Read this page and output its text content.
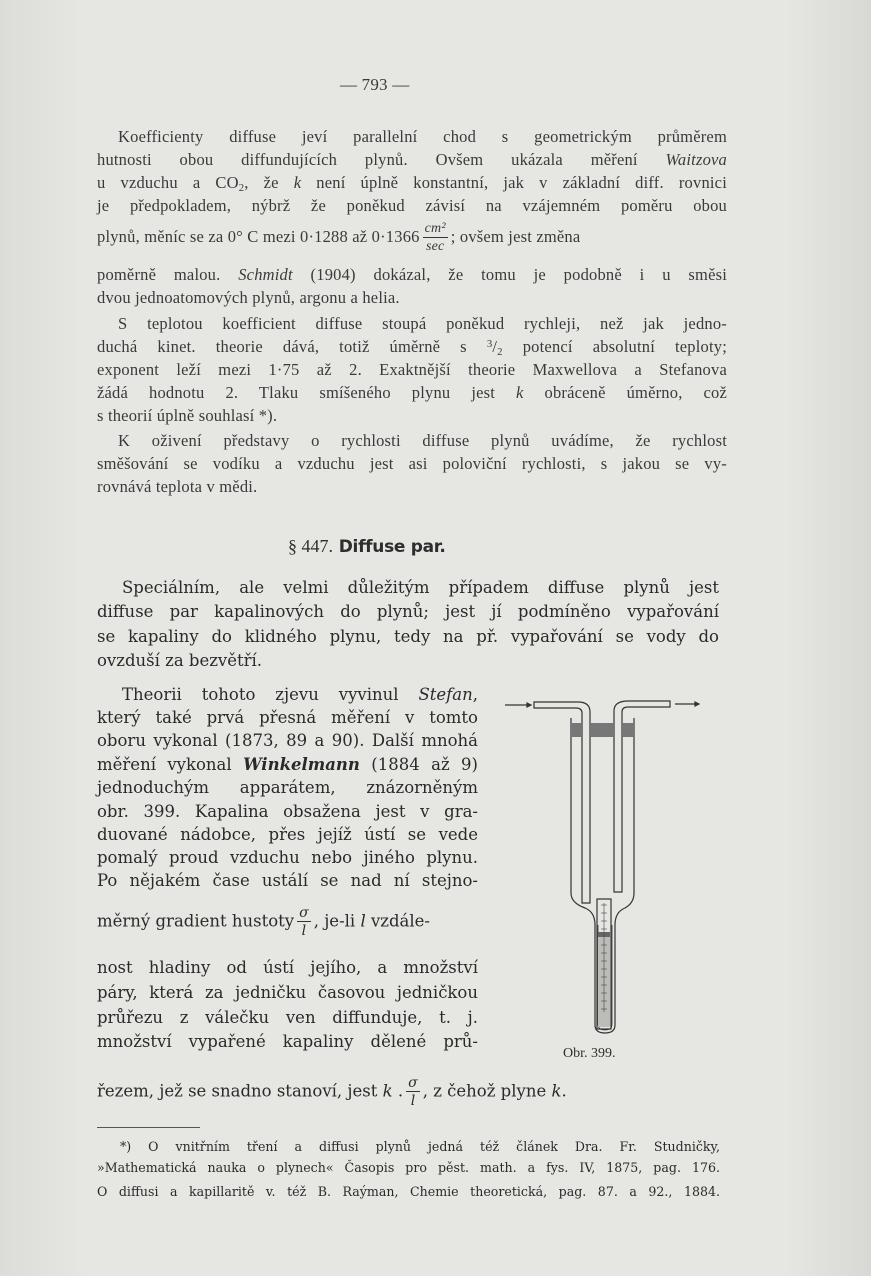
— 793 —
Koefficienty diffuse jeví parallelní chod s geometrickým průměrem
hutnosti obou diffundujících plynů. Ovšem ukázala měření Waitzova
u vzduchu a $CO_2$, že k není úplně konstantní, jak v základní diff. rovnici
je předpokladem, nýbrž že poněkud závisí na vzájemném poměru obou
plynů, měníc se za 0° C mezi 0·1288 až $0\cdot 1366 \frac{\text{cm²}}{\sec}$ ; ovšem jest změna
poměrně malou. Schmidt (1904) dokázal, že tomu je podobně i u směsi
dvou jednoatomových plynů, argonu a helia.
S teplotou koefficient diffuse stoupá poněkud rychleji, než jak jedno-
duchá kinet. theorie dává, totiž úměrně s $^3/_2$ potencí absolutní teploty;
exponent leží mezi 1·75 až 2. Exaktnější theorie Maxwellova a Stefanova
žádá hodnotu 2. Tlaku smíšeného plynu jest k obráceně úměrno, což
s theorií úplně souhlasí *).
K oživení představy o rychlosti diffuse plynů uvádíme, že rychlost
směšování se vodíku a vzduchu jest asi poloviční rychlosti, s jakou se vy-
rovnává teplota v mědi.
§ 447. Diffuse par.
Speciálním, ale velmi důležitým případem diffuse plynů jest
diffuse par kapalinových do plynů; jest jí podmíněno vypařování
se kapaliny do klidného plynu, tedy na př. vypařování se vody do
ovzduší za bezvětří.
Theorii tohoto zjevu vyvinul Stefan,
který také prvá přesná měření v tomto
oboru vykonal (1873, 89 a 90). Další mnohá
měření vykonal Winkelmann (1884 až 9)
jednoduchým apparátem, znázorněným
obr. 399. Kapalina obsažena jest v gra-
duované nádobce, přes jejíž ústí se vede
pomalý proud vzduchu nebo jiného plynu.
Po nějakém čase ustálí se nad ní stejno-
měrný gradient hustoty $\frac{\sigma}{l}$ , je-li l vzdále-
nost hladiny od ústí jejího, a množství
páry, která za jedničku časovou jedničkou
průřezu z válečku ven diffunduje, t. j.
množství vypařené kapaliny dělené prů-
řezem, jež se snadno stanoví, jest k . $\frac{\sigma}{l}$ , z čehož plyne k.
Obr. 399.
*) O vnitřním tření a diffusi plynů jedná též článek Dra. Fr. Studničky,
»Mathematická nauka o plynech« Časopis pro pěst. math. a fys. IV, 1875, pag. 176.
O diffusi a kapillaritě v. též B. Raýman, Chemie theoretická, pag. 87. a 92., 1884.
